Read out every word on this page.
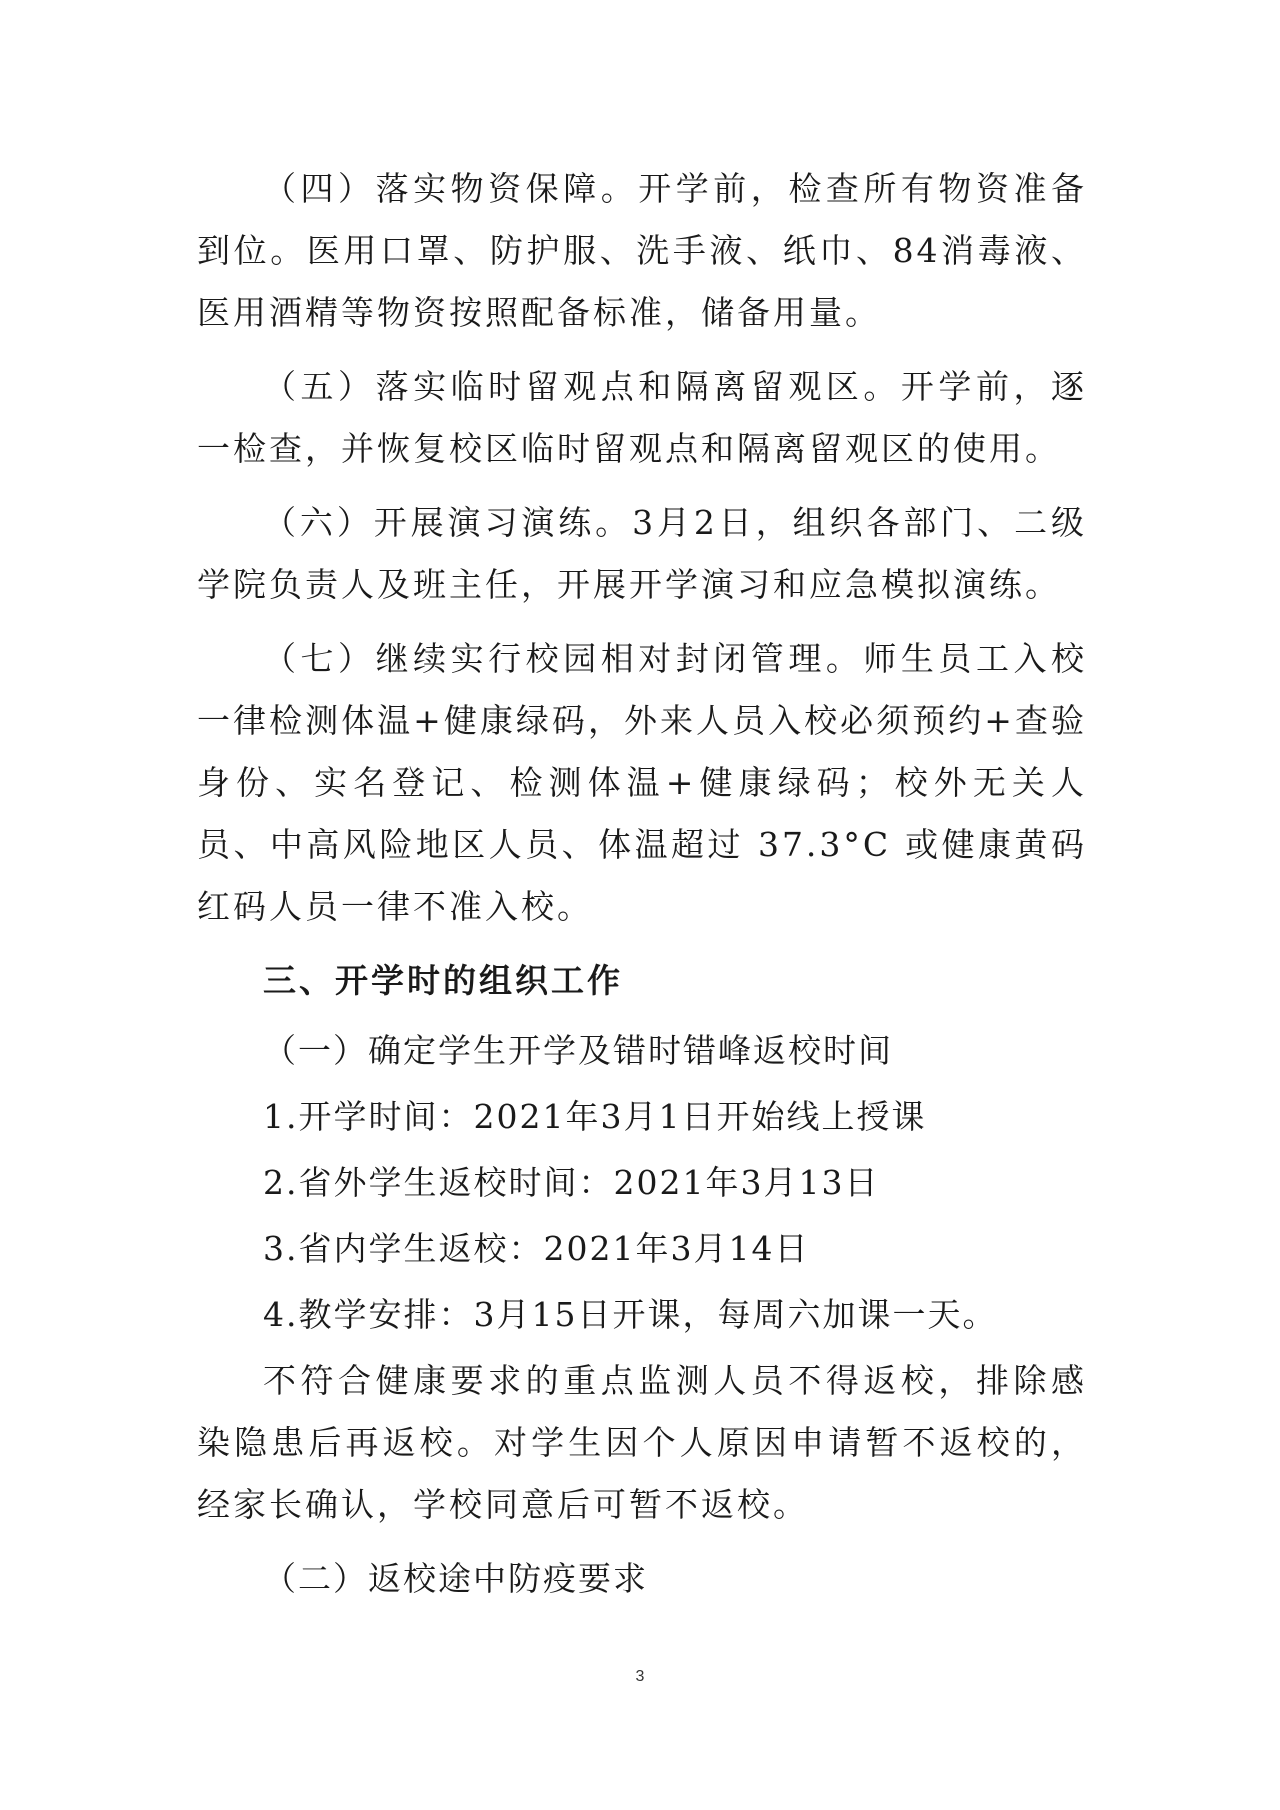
（四）落实物资保障。开学前，检查所有物资准备到位。医用口罩、防护服、洗手液、纸巾、84消毒液、医用酒精等物资按照配备标准，储备用量。

（五）落实临时留观点和隔离留观区。开学前，逐一检查，并恢复校区临时留观点和隔离留观区的使用。

（六）开展演习演练。3月2日，组织各部门、二级学院负责人及班主任，开展开学演习和应急模拟演练。

（七）继续实行校园相对封闭管理。师生员工入校一律检测体温+健康绿码，外来人员入校必须预约+查验身份、实名登记、检测体温+健康绿码；校外无关人员、中高风险地区人员、体温超过 37.3°C 或健康黄码红码人员一律不准入校。

三、开学时的组织工作
（一）确定学生开学及错时错峰返校时间
1.开学时间：2021年3月1日开始线上授课
2.省外学生返校时间：2021年3月13日
3.省内学生返校：2021年3月14日
4.教学安排：3月15日开课，每周六加课一天。

不符合健康要求的重点监测人员不得返校，排除感染隐患后再返校。对学生因个人原因申请暂不返校的，经家长确认，学校同意后可暂不返校。

（二）返校途中防疫要求
3
